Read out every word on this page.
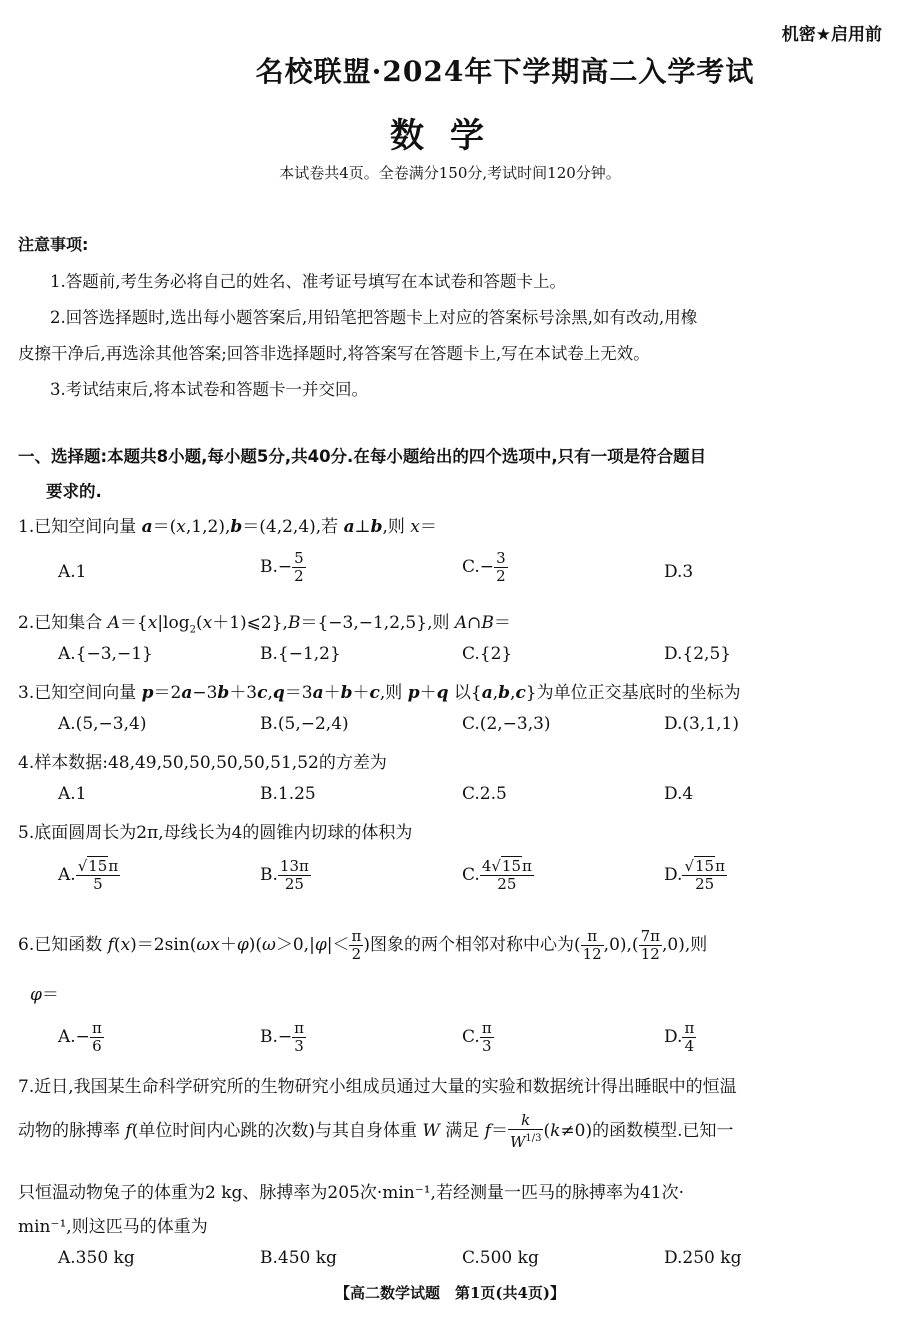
机密★启用前
名校联盟·2024年下学期高二入学考试
数学
本试卷共4页。全卷满分150分,考试时间120分钟。
注意事项:
1.答题前,考生务必将自己的姓名、准考证号填写在本试卷和答题卡上。
2.回答选择题时,选出每小题答案后,用铅笔把答题卡上对应的答案标号涂黑,如有改动,用橡
皮擦干净后,再选涂其他答案;回答非选择题时,将答案写在答题卡上,写在本试卷上无效。
3.考试结束后,将本试卷和答题卡一并交回。
一、选择题:本题共8小题,每小题5分,共40分.在每小题给出的四个选项中,只有一项是符合题目
要求的.
1.已知空间向量 a＝(x,1,2),b＝(4,2,4),若 a⊥b,则 x＝
A.1	$B.- \frac{5}{2}$	$C.- \frac{3}{2}$	D.3
2.已知集合 $A=\{x|\log_2(x+1)⩽2\},B=\{-3,-1,2,5\}$,则 A∩B＝
A.{−3,−1}	B.{−1,2}	C.{2}	D.{2,5}
3.已知空间向量 p＝2a−3b＋3c,q＝3a＋b＋c,则 p＋q 以{a,b,c}为单位正交基底时的坐标为
A.(5,−3,4)	B.(5,−2,4)	C.(2,−3,3)	D.(3,1,1)
4.样本数据:48,49,50,50,50,50,51,52的方差为
A.1	B.1.25	C.2.5	D.4
5.底面圆周长为2π,母线长为4的圆锥内切球的体积为
A. $\frac{√15\pi}{5}$	B. $\frac{13\pi}{25}$	C. $\frac{4√15\pi}{25}$	D. $\frac{√15\pi}{25}$
6.已知函数 $f(x)=2\sin(\omega x+\varphi)(\omega>0,|\varphi|< \frac{\pi}{2}$ )图象的两个相邻对称中心为( $\frac{\pi}{12} ,0),( \frac{7\pi}{12} ,0)$,则
φ＝
$A.- \frac{\pi}{6}$	$B.- \frac{\pi}{3}$	C. $\frac{\pi}{3}$	D. $\frac{\pi}{4}$
7.近日,我国某生命科学研究所的生物研究小组成员通过大量的实验和数据统计得出睡眠中的恒温
动物的脉搏率 f(单位时间内心跳的次数)与其自身体重 W 满足 $f= \frac{k}{W^{1/3}} (k\ne 0)$的函数模型.已知一
只恒温动物兔子的体重为2 kg、脉搏率为205次·min⁻¹,若经测量一匹马的脉搏率为41次·
min⁻¹,则这匹马的体重为
A.350 kg	B.450 kg	C.500 kg	D.250 kg
【高二数学试题　第1页(共4页)】
